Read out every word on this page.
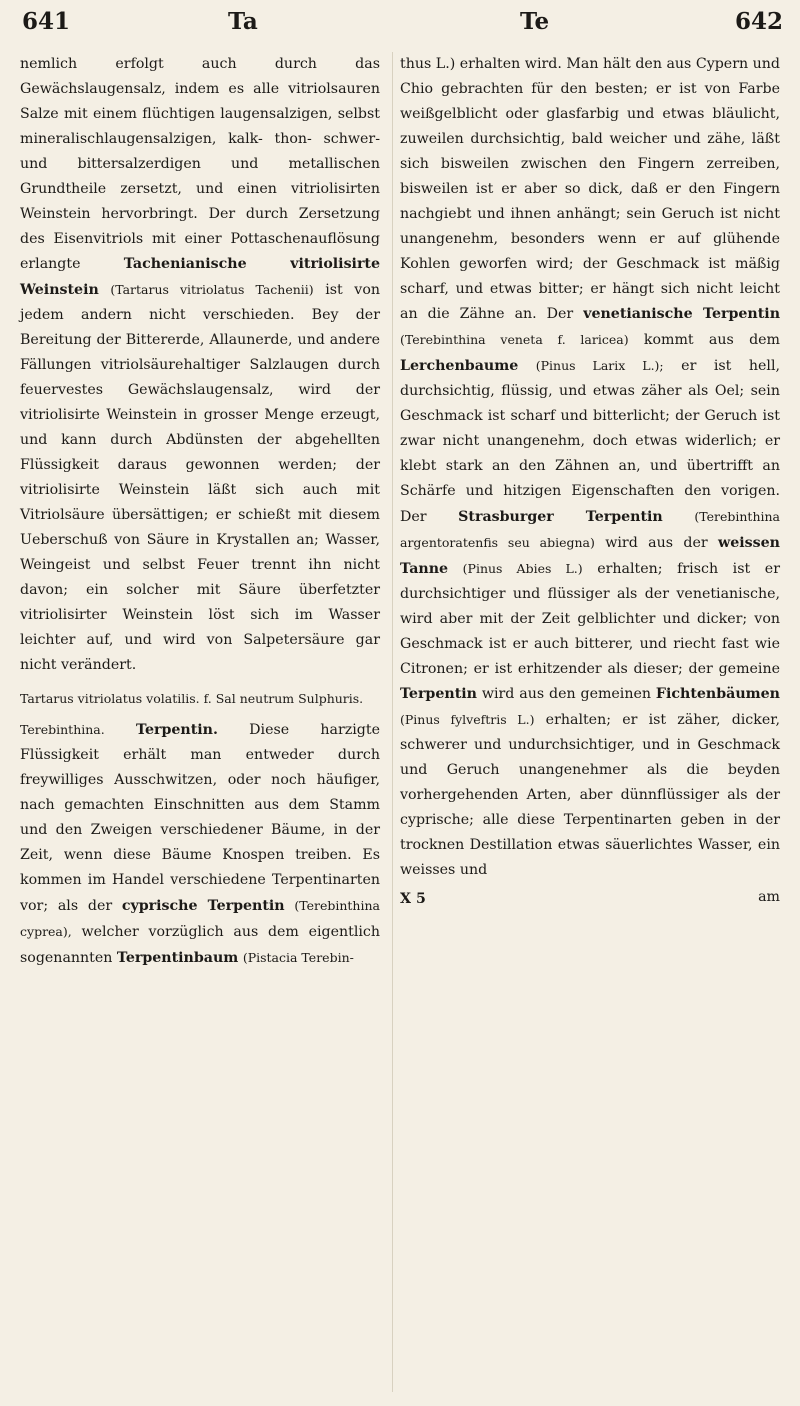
641	Ta	Te	642

nemlich erfolgt auch durch das Gewächslaugensalz, indem es alle vitriolsauren Salze mit einem flüchtigen laugensalzigen, selbst mineralischlaugensalzigen, kalk- thon- schwer- und bittersalzerdigen und metallischen Grundtheile zersetzt, und einen vitriolisirten Weinstein hervorbringt. Der durch Zersetzung des Eisenvitriols mit einer Pottaschenauflösung erlangte	Tachenianische vitriolisirte Weinstein (Tartarus vitriolatus Tachenii) ist von jedem andern nicht verschieden. Bey der Bereitung der Bittererde, Allaunerde, und andere Fällungen vitriolsäurehaltiger Salzlaugen durch feuervestes Gewächslaugensalz, wird der vitriolisirte Weinstein in grosser Menge erzeugt, und kann durch Abdünsten der abgehellten Flüssigkeit daraus gewonnen werden; der vitriolisirte Weinstein läßt sich auch mit Vitriolsäure übersättigen; er schießt mit diesem Ueberschuß von Säure in Krystallen an; Wasser, Weingeist und selbst Feuer trennt ihn nicht davon; ein solcher mit Säure überfetzter vitriolisirter Weinstein löst sich im Wasser leichter auf, und wird von Salpetersäure gar nicht verändert.

Tartarus vitriolatus volatilis. f. Sal neutrum Sulphuris.

Terebinthina. Terpentin. Diese harzigte Flüssigkeit erhält man entweder durch freywilliges Ausschwitzen, oder noch häufiger, nach gemachten Einschnitten aus dem Stamm und den Zweigen verschiedener Bäume, in der Zeit, wenn diese Bäume Knospen treiben. Es kommen im Handel verschiedene Terpentinarten vor; als der cyprische Terpentin (Terebinthina cyprea), welcher vorzüglich aus dem eigentlich sogenannten Terpentinbaum (Pistacia Terebin-

thus L.) erhalten wird. Man hält den aus Cypern und Chio gebrachten für den besten; er ist von Farbe weißgelblicht oder glasfarbig und etwas bläulicht, zuweilen durchsichtig, bald weicher und zähe, läßt sich bisweilen zwischen den Fingern zerreiben, bisweilen ist er aber so dick, daß er den Fingern nachgiebt und ihnen anhängt; sein Geruch ist nicht unangenehm, besonders wenn er auf glühende Kohlen geworfen wird; der Geschmack ist mäßig scharf, und etwas bitter; er hängt sich nicht leicht an die Zähne an. Der venetianische Terpentin (Terebinthina veneta f. laricea) kommt aus dem Lerchenbaume (Pinus Larix L.); er ist hell, durchsichtig, flüssig, und etwas zäher als Oel; sein Geschmack ist scharf und bitterlicht; der Geruch ist zwar nicht unangenehm, doch etwas widerlich; er klebt stark an den Zähnen an, und übertrifft an Schärfe und hitzigen Eigenschaften den vorigen. Der Strasburger Terpentin	(Terebinthina argentoratenfis seu abiegna) wird aus der weissen Tanne (Pinus Abies L.) erhalten; frisch ist er durchsichtiger und flüssiger als der venetianische, wird aber mit der Zeit gelblichter und dicker; von Geschmack ist er auch bitterer, und riecht fast wie Citronen; er ist erhitzender als dieser; der gemeine Terpentin wird aus den gemeinen Fichtenbäumen (Pinus fylveftris L.) erhalten; er ist zäher, dicker, schwerer und undurchsichtiger, und in Geschmack und Geruch unangenehmer als die beyden vorhergehenden Arten, aber dünnflüssiger als der cyprische; alle diese Terpentinarten geben in der trocknen Destillation etwas säuerlichtes Wasser, ein weisses und

X 5	am
